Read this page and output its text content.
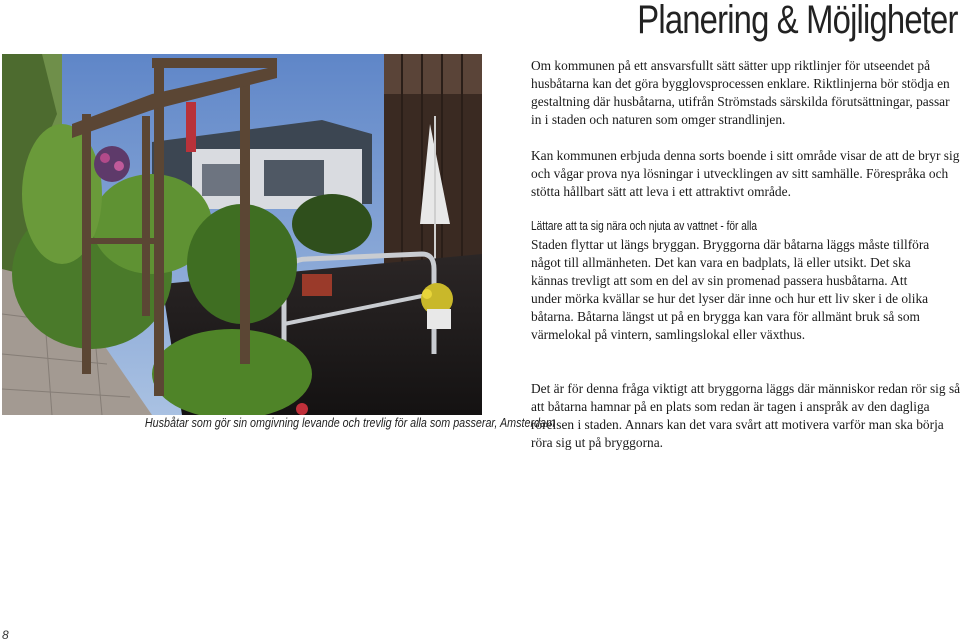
Planering & Möjligheter
Husbåtar som gör sin omgivning levande och trevlig för alla som passerar, Amsterdam

Om kommunen på ett ansvarsfullt sätt sätter upp riktlinjer för utseendet på husbåtarna kan det göra bygglovsprocessen enklare. Riktlinjerna bör stödja en gestaltning där husbåtarna, utifrån Strömstads särskilda förutsättningar, passar in i staden och naturen som omger strandlinjen.

Kan kommunen erbjuda denna sorts boende i sitt område visar de att de bryr sig och vågar prova nya lösningar i utvecklingen av sitt samhälle. Förespråka och stötta hållbart sätt att leva i ett attraktivt område.

Lättare att ta sig nära och njuta av vattnet - för alla

Staden flyttar ut längs bryggan. Bryggorna där båtarna läggs måste tillföra något till allmänheten. Det kan vara en badplats, lä eller utsikt. Det ska kännas trevligt att som en del av sin promenad passera husbåtarna. Att under mörka kvällar se hur det lyser där inne och hur ett liv sker i de olika båtarna. Båtarna längst ut på en brygga kan vara för allmänt bruk så som värmelokal på vintern, samlingslokal eller växthus.

Det är för denna fråga viktigt att bryggorna läggs där människor redan rör sig så att båtarna hamnar på en plats som redan är tagen i anspråk av den dagliga rörelsen i staden. Annars kan det vara svårt att motivera varför man ska börja röra sig ut på bryggorna.

8
